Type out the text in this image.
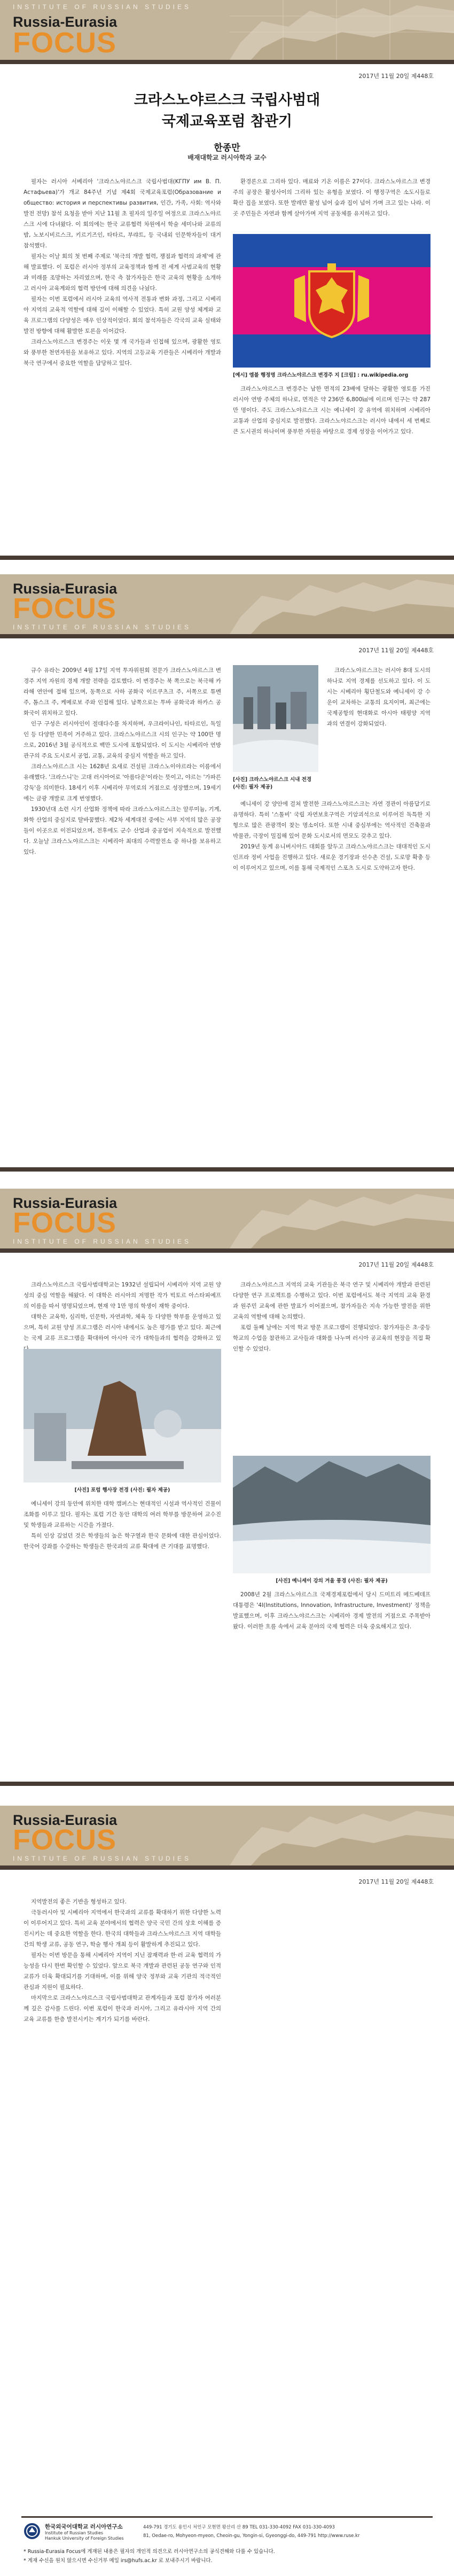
INSTITUTE OF RUSSIAN STUDIES
Russia-Eurasia
FOCUS
2017년 11월 20일 제448호
크라스노야르스크 국립사범대
국제교육포럼 참관기
한종만
배재대학교 러시아학과 교수

필자는 러시아 서베리아 '크라스노야르스크 국립사범대(KГПУ им В. П. Астафьева)'가 개교 84주년 기념 제4회 국제교육포럼(Образование и общество: история и перспективы развития, 인간, 가족, 사회: 역사와 발전 전망) 참석 요청을 받아 지난 11월 초 필자의 일주일 여정으로 크라스노야르스크 시에 다녀왔다. 이 회의에는 한국 교류협력 차원에서 학술 세미나와 교류의 밤, 노보시비르스크, 키르기즈인, 타타르, 부랴트, 등 국내외 인문학자들이 대거 참석했다.

필자는 이날 회의 첫 번째 주제로 '북극의 개발 협력, 쟁점과 협력의 과제'에 관해 발표했다. 이 포럼은 러시아 정부의 교육정책과 함께 전 세계 사범교육의 현황과 미래를 조망하는 자리였으며, 한국 측 참가자들은 한국 교육의 현황을 소개하고 러시아 교육계와의 협력 방안에 대해 의견을 나눴다.

필자는 이번 포럼에서 러시아 교육의 역사적 전통과 변화 과정, 그리고 시베리아 지역의 교육적 역할에 대해 깊이 이해할 수 있었다. 특히 교원 양성 체계와 교육 프로그램의 다양성은 매우 인상적이었다. 회의 참석자들은 각국의 교육 실태와 발전 방향에 대해 활발한 토론을 이어갔다.

크라스노야르스크 변경주는 이웃 몇 개 국가들과 인접해 있으며, 광활한 영토와 풍부한 천연자원을 보유하고 있다. 지역의 고등교육 기관들은 시베리아 개발과 북극 연구에서 중요한 역할을 담당하고 있다.

환경론으로 그리하 있다. 매료와 기온 이름은 27이다. 크라스노야르스크 변경주의 공장은 활성사이의 그리하 있는 유형을 보였다. 이 행정구역은 소도시들로 확산 집을 보였다. 또한 발레만 활성 넘어 숲과 집이 넘어 가며 크고 있는 나라. 이곳 주민들은 자연과 함께 살아가며 지역 공동체를 유지하고 있다.

[예시] 엠블 행정명 크라스노야르스크 변경주 지 [크림] : ru.wikipedia.org

크라스노야르스크 변경주는 남한 면적의 23배에 달하는 광활한 영토를 가진 러시아 연방 주체의 하나로, 면적은 약 236만 6,800㎢에 이르며 인구는 약 287만 명이다. 주도 크라스노야르스크 시는 예니세이 강 유역에 위치하며 시베리아 교통과 산업의 중심지로 발전했다. 크라스노야르스크는 러시아 내에서 세 번째로 큰 도시권의 하나이며 풍부한 자원을 바탕으로 경제 성장을 이어가고 있다.

INSTITUTE OF RUSSIAN STUDIES
Russia-Eurasia
FOCUS
2017년 11월 20일 제448호

규수 유라는 2009년 4월 17일 지역 투자위원회 전문가 크라스노야르스크 변경주 지역 자원의 경제 개발 전략을 검토했다. 이 변경주는 북 쪽으로는 북극해 카라해 연안에 접해 있으며, 동쪽으로 사하 공화국 이르쿠츠크 주, 서쪽으로 튜멘 주, 톰스크 주, 케메로보 주와 인접해 있다. 남쪽으로는 투바 공화국과 하카스 공화국이 위치하고 있다.

인구 구성은 러시아인이 절대다수를 차지하며, 우크라이나인, 타타르인, 독일인 등 다양한 민족이 거주하고 있다. 크라스노야르스크 시의 인구는 약 100만 명으로, 2016년 3월 공식적으로 백만 도시에 포함되었다. 이 도시는 시베리아 연방관구의 주요 도시로서 공업, 교통, 교육의 중심지 역할을 하고 있다.

크라스노야르스크 시는 1628년 요새로 건설된 크라스노이야르라는 이름에서 유래했다. '크라스니'는 고대 러시아어로 '아름다운'이라는 뜻이고, 야르는 '가파른 강둑'을 의미한다. 18세기 이후 시베리아 무역로의 거점으로 성장했으며, 19세기에는 금광 개발로 크게 번영했다.

1930년대 소련 시기 산업화 정책에 따라 크라스노야르스크는 알루미늄, 기계, 화학 산업의 중심지로 탈바꿈했다. 제2차 세계대전 중에는 서부 지역의 많은 공장들이 이곳으로 이전되었으며, 전후에도 군수 산업과 중공업이 지속적으로 발전했다. 오늘날 크라스노야르스크는 시베리아 최대의 수력발전소 중 하나를 보유하고 있다.

[사진] 크라스노야르스크 시내 전경 (사진: 필자 제공)

크라스노야르스크는 러시아 8대 도시의 하나로 지역 경제를 선도하고 있다. 이 도시는 시베리아 횡단철도와 예니세이 강 수운이 교차하는 교통의 요지이며, 최근에는 국제공항의 현대화로 아시아 태평양 지역과의 연결이 강화되었다.

예니세이 강 양안에 걸쳐 발전한 크라스노야르스크는 자연 경관이 아름답기로 유명하다. 특히 '스톨비' 국립 자연보호구역은 기암괴석으로 이루어진 독특한 지형으로 많은 관광객이 찾는 명소이다. 또한 시내 중심부에는 역사적인 건축물과 박물관, 극장이 밀집해 있어 문화 도시로서의 면모도 갖추고 있다.

2019년 동계 유니버시아드 대회를 앞두고 크라스노야르스크는 대대적인 도시 인프라 정비 사업을 진행하고 있다. 새로운 경기장과 선수촌 건설, 도로망 확충 등이 이루어지고 있으며, 이를 통해 국제적인 스포츠 도시로 도약하고자 한다.

INSTITUTE OF RUSSIAN STUDIES
Russia-Eurasia
FOCUS
2017년 11월 20일 제448호

크라스노야르스크 국립사범대학교는 1932년 설립되어 시베리아 지역 교원 양성의 중심 역할을 해왔다. 이 대학은 러시아의 저명한 작가 빅토르 아스타피예프의 이름을 따서 명명되었으며, 현재 약 1만 명의 학생이 재학 중이다.

대학은 교육학, 심리학, 인문학, 자연과학, 체육 등 다양한 학부를 운영하고 있으며, 특히 교원 양성 프로그램은 러시아 내에서도 높은 평가를 받고 있다. 최근에는 국제 교류 프로그램을 확대하여 아시아 국가 대학들과의 협력을 강화하고 있

[사진] 포럼 행사장 전경 (사진: 필자 제공)

예니세이 강의 동안에 위치한 대학 캠퍼스는 현대적인 시설과 역사적인 건물이 조화를 이루고 있다. 필자는 포럼 기간 동안 대학의 여러 학부를 방문하여 교수진 및 학생들과 교류하는 시간을 가졌다.

특히 인상 깊었던 것은 학생들의 높은 학구열과 한국 문화에 대한 관심이었다. 한국어 강좌를 수강하는 학생들은 한국과의 교류 확대에 큰 기대를 표명했다.

크라스노야르스크 지역의 교육 기관들은 북극 연구 및 시베리아 개발과 관련된 다양한 연구 프로젝트를 수행하고 있다. 이번 포럼에서도 북극 지역의 교육 환경과 원주민 교육에 관한 발표가 이어졌으며, 참가자들은 지속 가능한 발전을 위한 교육의 역할에 대해 논의했다.

포럼 둘째 날에는 지역 학교 방문 프로그램이 진행되었다. 참가자들은 초·중등학교의 수업을 참관하고 교사들과 대화를 나누며 러시아 공교육의 현장을 직접 확인할 수 있었다.

[사진] 예니세이 강의 겨울 풍경 (사진: 필자 제공)

2008년 2월 크라스노야르스크 국제경제포럼에서 당시 드미트리 메드베데프 대통령은 '4I(Institutions, Innovation, Infrastructure, Investment)' 정책을 발표했으며, 이후 크라스노야르스크는 시베리아 경제 발전의 거점으로 주목받아 왔다. 이러한 흐름 속에서 교육 분야의 국제 협력은 더욱 중요해지고 있다.

INSTITUTE OF RUSSIAN STUDIES
Russia-Eurasia
FOCUS
2017년 11월 20일 제448호

지역발전의 좋은 기반을 형성하고 있다.

극동러시아 및 시베리아 지역에서 한국과의 교류를 확대하기 위한 다양한 노력이 이루어지고 있다. 특히 교육 분야에서의 협력은 양국 국민 간의 상호 이해를 증진시키는 데 중요한 역할을 한다. 한국의 대학들과 크라스노야르스크 지역 대학들 간의 학생 교류, 공동 연구, 학술 행사 개최 등이 활발하게 추진되고 있다.

필자는 이번 방문을 통해 시베리아 지역이 지닌 잠재력과 한·러 교육 협력의 가능성을 다시 한번 확인할 수 있었다. 앞으로 북극 개발과 관련된 공동 연구와 인적 교류가 더욱 확대되기를 기대하며, 이를 위해 양국 정부와 교육 기관의 적극적인 관심과 지원이 필요하다.

마지막으로 크라스노야르스크 국립사범대학교 관계자들과 포럼 참가자 여러분께 깊은 감사를 드린다. 이번 포럼이 한국과 러시아, 그리고 유라시아 지역 간의 교육 교류를 한층 발전시키는 계기가 되기를 바란다.

한국외국어대학교 러시아연구소
Institute of Russian Studies
Hankuk University of Foreign Studies
449-791 경기도 용인시 처인구 모현면 왕산리 산 89 TEL 031-330-4092 FAX 031-330-4093
81, Oedae-ro, Mohyeon-myeon, Cheoin-gu, Yongin-si, Gyeonggi-do, 449-791 http://www.ruse.kr
* Russia-Eurasia Focus에 게재된 내용은 필자의 개인적 의견으로 러시아연구소의 공식견해와 다를 수 있습니다.
* 게재 수신을 원치 않으시면 수신거부 메일 irs@hufs.ac.kr 로 보내주시기 바랍니다.
